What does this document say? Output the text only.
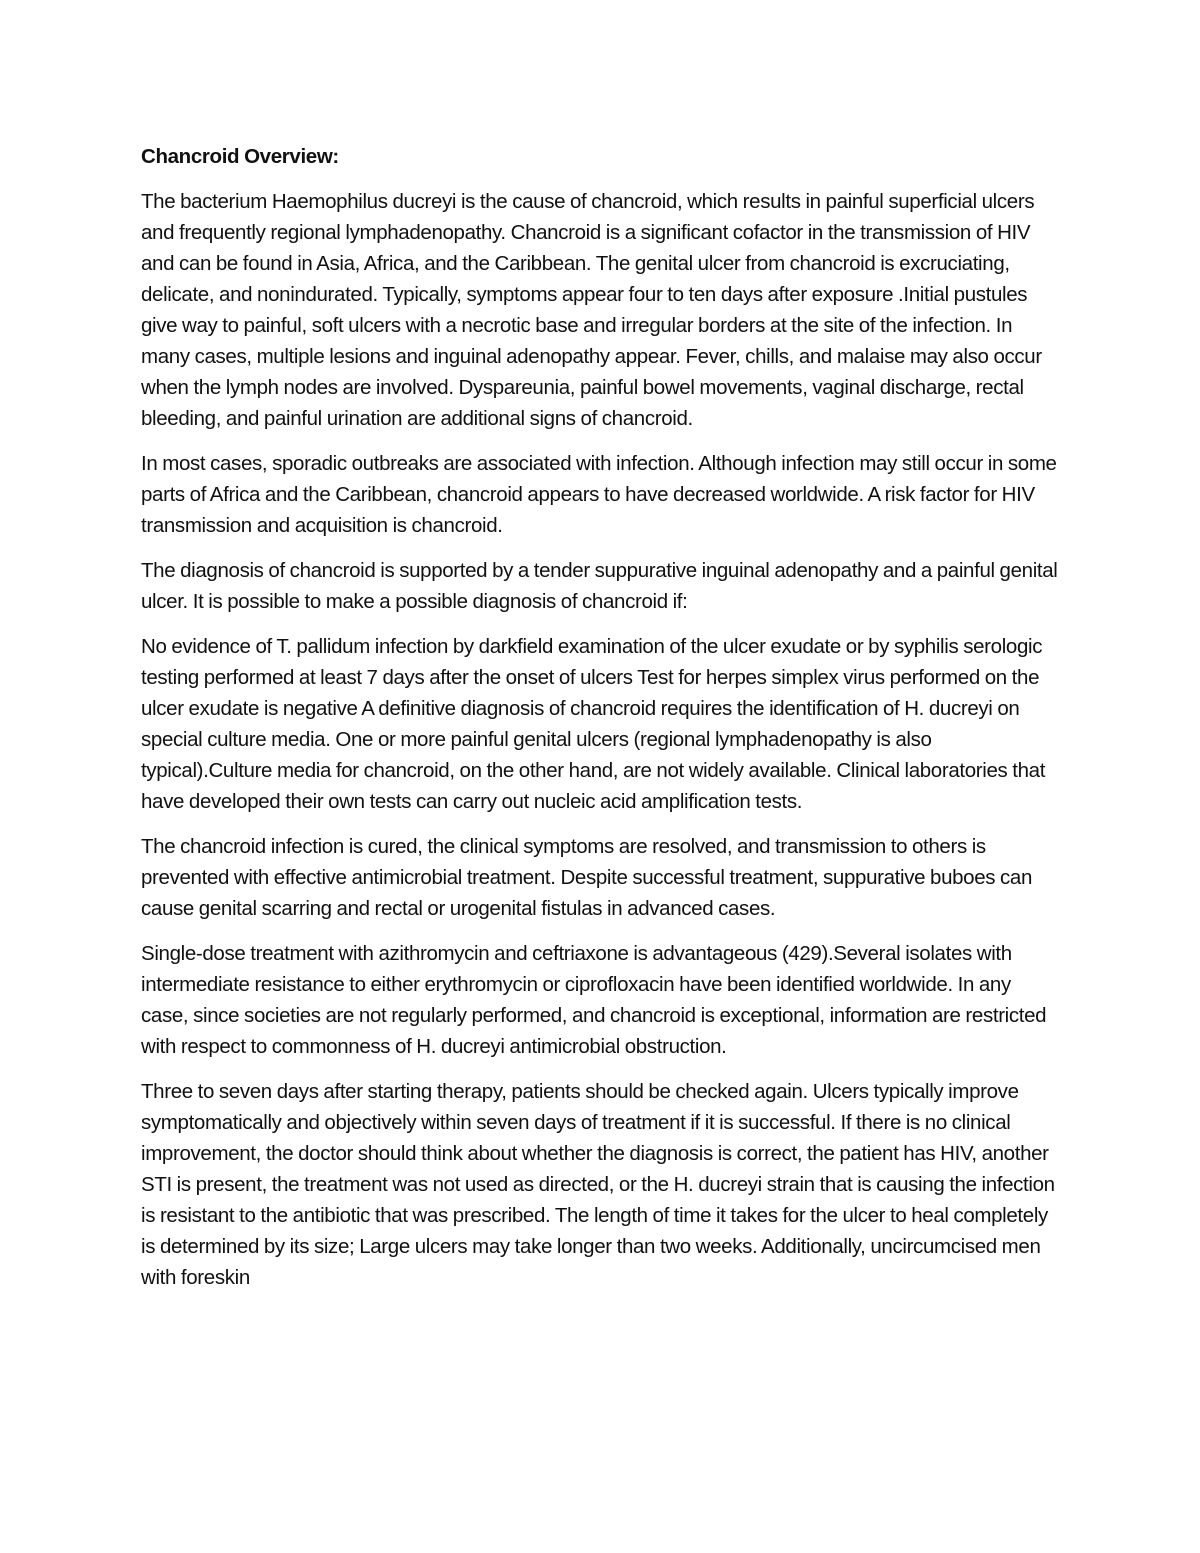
Chancroid Overview:

The bacterium Haemophilus ducreyi is the cause of chancroid, which results in painful superficial ulcers and frequently regional lymphadenopathy. Chancroid is a significant cofactor in the transmission of HIV and can be found in Asia, Africa, and the Caribbean. The genital ulcer from chancroid is excruciating, delicate, and nonindurated. Typically, symptoms appear four to ten days after exposure .Initial pustules give way to painful, soft ulcers with a necrotic base and irregular borders at the site of the infection. In many cases, multiple lesions and inguinal adenopathy appear. Fever, chills, and malaise may also occur when the lymph nodes are involved. Dyspareunia, painful bowel movements, vaginal discharge, rectal bleeding, and painful urination are additional signs of chancroid.

In most cases, sporadic outbreaks are associated with infection. Although infection may still occur in some parts of Africa and the Caribbean, chancroid appears to have decreased worldwide. A risk factor for HIV transmission and acquisition is chancroid.

The diagnosis of chancroid is supported by a tender suppurative inguinal adenopathy and a painful genital ulcer. It is possible to make a possible diagnosis of chancroid if:

No evidence of T. pallidum infection by darkfield examination of the ulcer exudate or by syphilis serologic testing performed at least 7 days after the onset of ulcers Test for herpes simplex virus performed on the ulcer exudate is negative A definitive diagnosis of chancroid requires the identification of H. ducreyi on special culture media. One or more painful genital ulcers (regional lymphadenopathy is also typical).Culture media for chancroid, on the other hand, are not widely available. Clinical laboratories that have developed their own tests can carry out nucleic acid amplification tests.

The chancroid infection is cured, the clinical symptoms are resolved, and transmission to others is prevented with effective antimicrobial treatment. Despite successful treatment, suppurative buboes can cause genital scarring and rectal or urogenital fistulas in advanced cases.

Single-dose treatment with azithromycin and ceftriaxone is advantageous (429).Several isolates with intermediate resistance to either erythromycin or ciprofloxacin have been identified worldwide. In any case, since societies are not regularly performed, and chancroid is exceptional, information are restricted with respect to commonness of H. ducreyi antimicrobial obstruction.

Three to seven days after starting therapy, patients should be checked again. Ulcers typically improve symptomatically and objectively within seven days of treatment if it is successful. If there is no clinical improvement, the doctor should think about whether the diagnosis is correct, the patient has HIV, another STI is present, the treatment was not used as directed, or the H. ducreyi strain that is causing the infection is resistant to the antibiotic that was prescribed. The length of time it takes for the ulcer to heal completely is determined by its size; Large ulcers may take longer than two weeks. Additionally, uncircumcised men with foreskin
